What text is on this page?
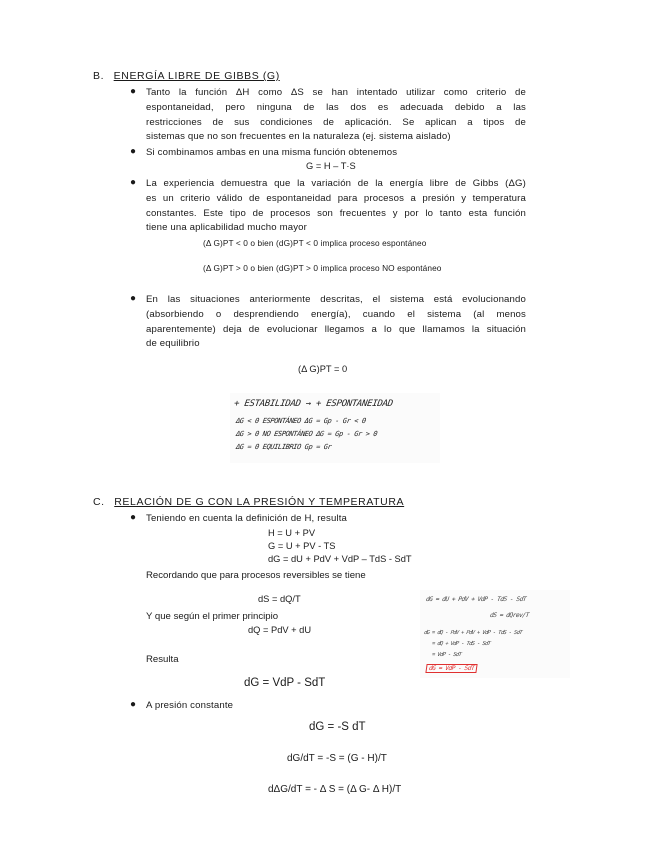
B. ENERGÍA LIBRE DE GIBBS (G)
● Tanto la función ΔH como ΔS se han intentado utilizar como criterio de
espontaneidad, pero ninguna de las dos es adecuada debido a las
restricciones de sus condiciones de aplicación. Se aplican a tipos de
sistemas que no son frecuentes en la naturaleza (ej. sistema aislado)
● Si combinamos ambas en una misma función obtenemos
G = H – T·S
● La experiencia demuestra que la variación de la energía libre de Gibbs (ΔG)
es un criterio válido de espontaneidad para procesos a presión y temperatura
constantes. Este tipo de procesos son frecuentes y por lo tanto esta función
tiene una aplicabilidad mucho mayor
(Δ G)PT < 0 o bien (dG)PT < 0 implica proceso espontáneo
(Δ G)PT > 0 o bien (dG)PT > 0 implica proceso NO espontáneo
● En las situaciones anteriormente descritas, el sistema está evolucionando
(absorbiendo o desprendiendo energía), cuando el sistema (al menos
aparentemente) deja de evolucionar llegamos a lo que llamamos la situación
de equilibrio
(Δ G)PT = 0
+ ESTABILIDAD → + ESPONTANEIDAD
ΔG < 0 ESPONTÁNEO ΔG = Gp - Gr < 0
ΔG > 0 NO ESPONTÁNEO ΔG = Gp - Gr > 0
ΔG = 0 EQUILIBRIO Gp = Gr
C. RELACIÓN DE G CON LA PRESIÓN Y TEMPERATURA
● Teniendo en cuenta la definición de H, resulta
H = U + PV
G = U + PV - TS
dG = dU + PdV + VdP – TdS - SdT
Recordando que para procesos reversibles se tiene
dS = dQ/T
Y que según el primer principio
dQ = PdV + dU
Resulta
dG = VdP - SdT
dG = dU + PdV + VdP - TdS - SdT
dS = dQrev/T
dG = dQ - PdV + PdV + VdP - TdS - SdT
= dQ + VdP - TdS - SdT
= VdP - SdT
dG = VdP - SdT
● A presión constante
dG = -S dT
dG/dT = -S = (G - H)/T
dΔG/dT = - Δ S = (Δ G- Δ H)/T
